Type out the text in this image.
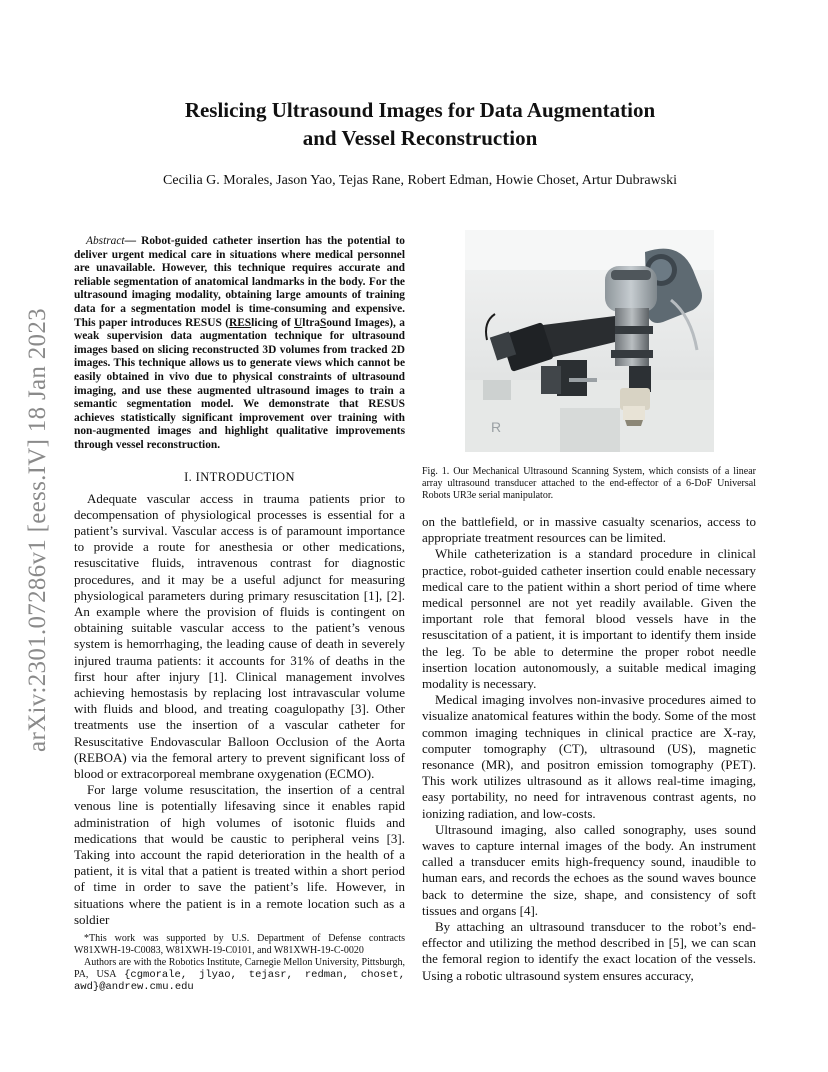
arXiv:2301.07286v1 [eess.IV] 18 Jan 2023
Reslicing Ultrasound Images for Data Augmentation
and Vessel Reconstruction
Cecilia G. Morales, Jason Yao, Tejas Rane, Robert Edman, Howie Choset, Artur Dubrawski

Abstract— Robot-guided catheter insertion has the potential to deliver urgent medical care in situations where medical personnel are unavailable. However, this technique requires accurate and reliable segmentation of anatomical landmarks in the body. For the ultrasound imaging modality, obtaining large amounts of training data for a segmentation model is time-consuming and expensive. This paper introduces RESUS (RESlicing of UltraSound Images), a weak supervision data augmentation technique for ultrasound images based on slicing reconstructed 3D volumes from tracked 2D images. This technique allows us to generate views which cannot be easily obtained in vivo due to physical constraints of ultrasound imaging, and use these augmented ultrasound images to train a semantic segmentation model. We demonstrate that RESUS achieves statistically significant improvement over training with non-augmented images and highlight qualitative improvements through vessel reconstruction.

I. INTRODUCTION

Adequate vascular access in trauma patients prior to decompensation of physiological processes is essential for a patient’s survival. Vascular access is of paramount importance to provide a route for anesthesia or other medications, resuscitative fluids, intravenous contrast for diagnostic procedures, and it may be a useful adjunct for measuring physiological parameters during primary resuscitation [1], [2]. An example where the provision of fluids is contingent on obtaining suitable vascular access to the patient’s venous system is hemorrhaging, the leading cause of death in severely injured trauma patients: it accounts for 31% of deaths in the first hour after injury [1]. Clinical management involves achieving hemostasis by replacing lost intravascular volume with fluids and blood, and treating coagulopathy [3]. Other treatments use the insertion of a vascular catheter for Resuscitative Endovascular Balloon Occlusion of the Aorta (REBOA) via the femoral artery to prevent significant loss of blood or extracorporeal membrane oxygenation (ECMO).

For large volume resuscitation, the insertion of a central venous line is potentially lifesaving since it enables rapid administration of high volumes of isotonic fluids and medications that would be caustic to peripheral veins [3]. Taking into account the rapid deterioration in the health of a patient, it is vital that a patient is treated within a short period of time in order to save the patient’s life. However, in situations where the patient is in a remote location such as a soldier

*This work was supported by U.S. Department of Defense contracts W81XWH-19-C0083, W81XWH-19-C0101, and W81XWH-19-C-0020

Authors are with the Robotics Institute, Carnegie Mellon University, Pittsburgh, PA, USA {cgmorale, jlyao, tejasr, redman, choset, awd}@andrew.cmu.edu

R
Fig. 1. Our Mechanical Ultrasound Scanning System, which consists of a linear array ultrasound transducer attached to the end-effector of a 6-DoF Universal Robots UR3e serial manipulator.

on the battlefield, or in massive casualty scenarios, access to appropriate treatment resources can be limited.

While catheterization is a standard procedure in clinical practice, robot-guided catheter insertion could enable necessary medical care to the patient within a short period of time where medical personnel are not yet readily available. Given the important role that femoral blood vessels have in the resuscitation of a patient, it is important to identify them inside the leg. To be able to determine the proper robot needle insertion location autonomously, a suitable medical imaging modality is necessary.

Medical imaging involves non-invasive procedures aimed to visualize anatomical features within the body. Some of the most common imaging techniques in clinical practice are X-ray, computer tomography (CT), ultrasound (US), magnetic resonance (MR), and positron emission tomography (PET). This work utilizes ultrasound as it allows real-time imaging, easy portability, no need for intravenous contrast agents, no ionizing radiation, and low-costs.

Ultrasound imaging, also called sonography, uses sound waves to capture internal images of the body. An instrument called a transducer emits high-frequency sound, inaudible to human ears, and records the echoes as the sound waves bounce back to determine the size, shape, and consistency of soft tissues and organs [4].

By attaching an ultrasound transducer to the robot’s end-effector and utilizing the method described in [5], we can scan the femoral region to identify the exact location of the vessels. Using a robotic ultrasound system ensures accuracy,
